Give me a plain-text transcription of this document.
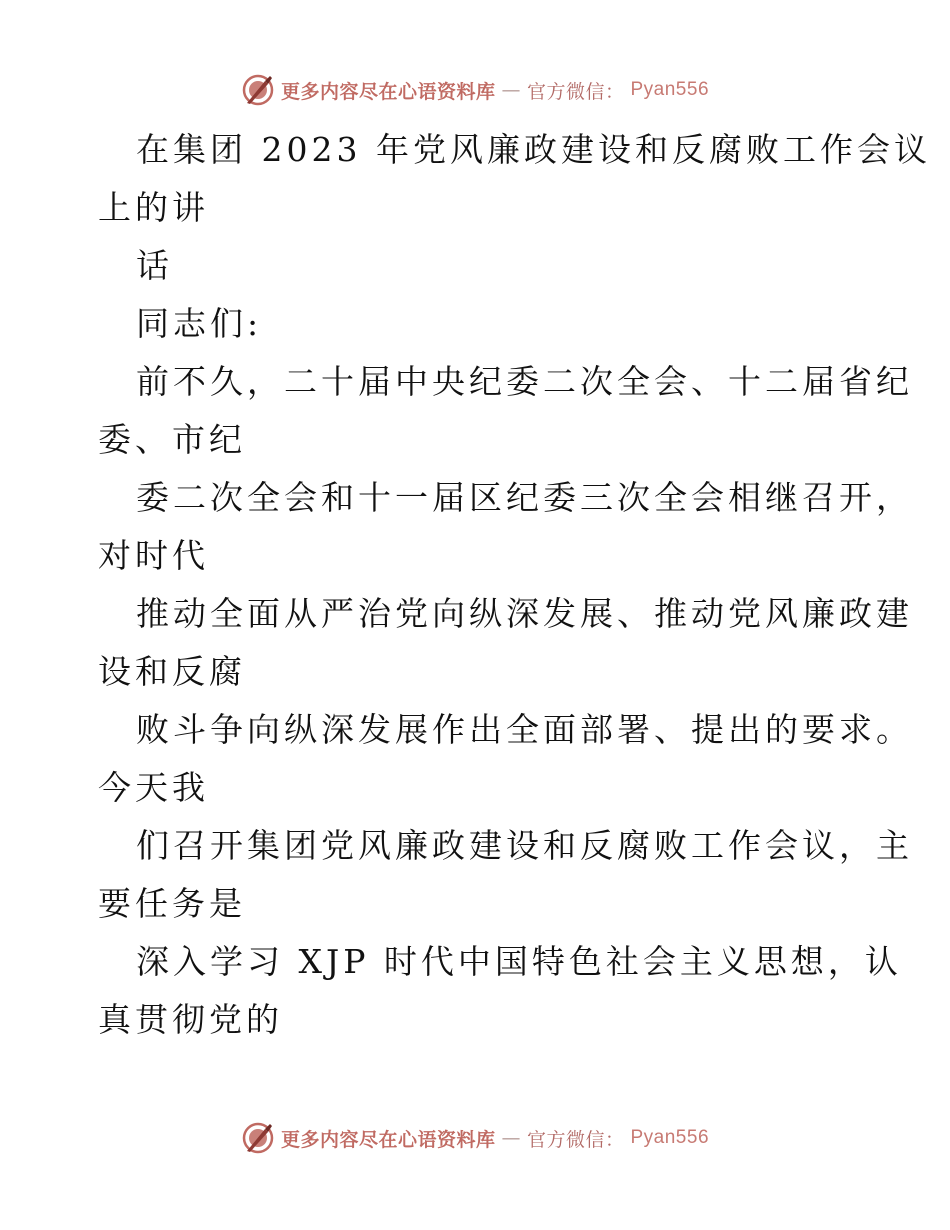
更多内容尽在心语资料库 — 官方微信： Pyan556
在集团 2023 年党风廉政建设和反腐败工作会议
上的讲
话
同志们:
前不久，二十届中央纪委二次全会、十二届省纪
委、市纪
委二次全会和十一届区纪委三次全会相继召开，
对时代
推动全面从严治党向纵深发展、推动党风廉政建
设和反腐
败斗争向纵深发展作出全面部署、提出的要求。
今天我
们召开集团党风廉政建设和反腐败工作会议，主
要任务是
深入学习 XJP 时代中国特色社会主义思想，认
真贯彻党的
更多内容尽在心语资料库 — 官方微信： Pyan556
